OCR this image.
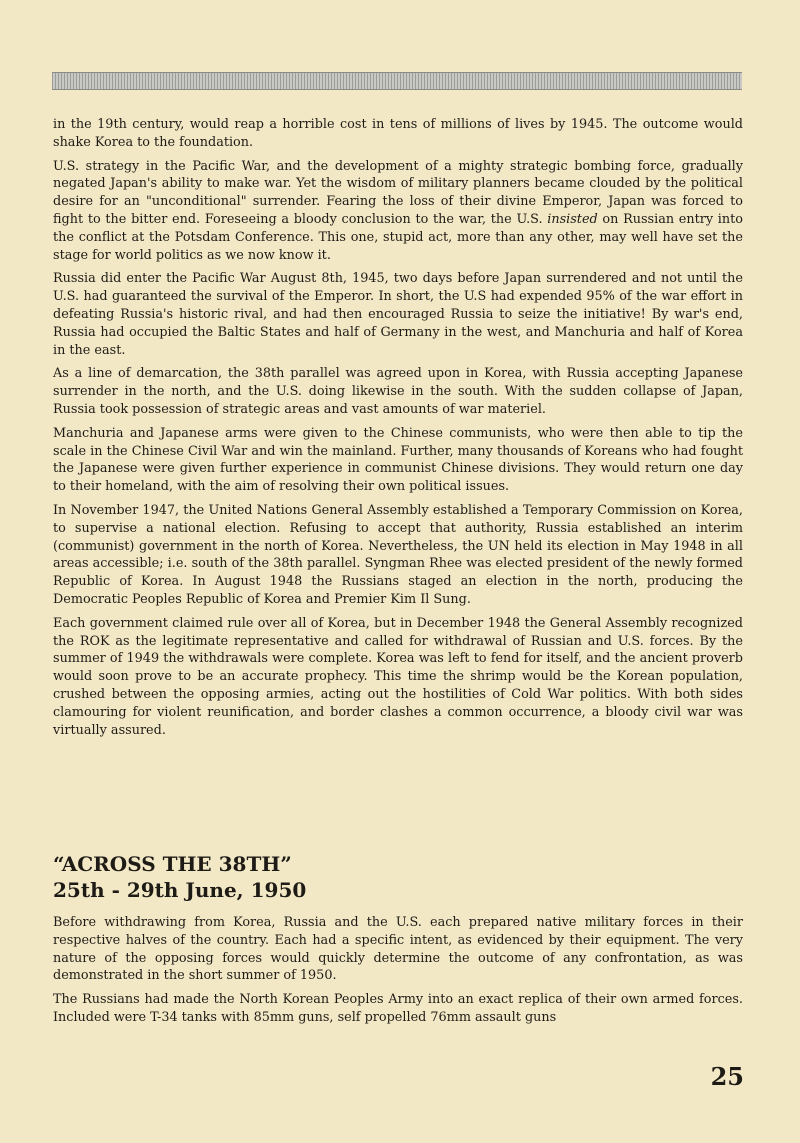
in the 19th century, would reap a horrible cost in tens of millions of lives by 1945. The outcome would shake Korea to the foundation.

U.S. strategy in the Pacific War, and the development of a mighty strategic bombing force, gradually negated Japan's ability to make war. Yet the wisdom of military planners became clouded by the political desire for an "unconditional" surrender. Fearing the loss of their divine Emperor, Japan was forced to fight to the bitter end. Foreseeing a bloody conclusion to the war, the U.S. insisted on Russian entry into the conflict at the Potsdam Conference. This one, stupid act, more than any other, may well have set the stage for world politics as we now know it.

Russia did enter the Pacific War August 8th, 1945, two days before Japan surrendered and not until the U.S. had guaranteed the survival of the Emperor. In short, the U.S had expended 95% of the war effort in defeating Russia's historic rival, and had then encouraged Russia to seize the initiative! By war's end, Russia had occupied the Baltic States and half of Germany in the west, and Manchuria and half of Korea in the east.

As a line of demarcation, the 38th parallel was agreed upon in Korea, with Russia accepting Japanese surrender in the north, and the U.S. doing likewise in the south. With the sudden collapse of Japan, Russia took possession of strategic areas and vast amounts of war materiel.

Manchuria and Japanese arms were given to the Chinese communists, who were then able to tip the scale in the Chinese Civil War and win the mainland. Further, many thousands of Koreans who had fought the Japanese were given further experience in communist Chinese divisions. They would return one day to their homeland, with the aim of resolving their own political issues.

In November 1947, the United Nations General Assembly established a Temporary Commission on Korea, to supervise a national election. Refusing to accept that authority, Russia established an interim (communist) government in the north of Korea. Nevertheless, the UN held its election in May 1948 in all areas accessible; i.e. south of the 38th parallel. Syngman Rhee was elected president of the newly formed Republic of Korea. In August 1948 the Russians staged an election in the north, producing the Democratic Peoples Republic of Korea and Premier Kim Il Sung.

Each government claimed rule over all of Korea, but in December 1948 the General Assembly recognized the ROK as the legitimate representative and called for withdrawal of Russian and U.S. forces. By the summer of 1949 the withdrawals were complete. Korea was left to fend for itself, and the ancient proverb would soon prove to be an accurate prophecy. This time the shrimp would be the Korean population, crushed between the opposing armies, acting out the hostilities of Cold War politics. With both sides clamouring for violent reunification, and border clashes a common occurrence, a bloody civil war was virtually assured.

“ACROSS THE 38TH”
25th - 29th June, 1950

Before withdrawing from Korea, Russia and the U.S. each prepared native military forces in their respective halves of the country. Each had a specific intent, as evidenced by their equipment. The very nature of the opposing forces would quickly determine the outcome of any confrontation, as was demonstrated in the short summer of 1950.

The Russians had made the North Korean Peoples Army into an exact replica of their own armed forces. Included were T-34 tanks with 85mm guns, self propelled 76mm assault guns

25
